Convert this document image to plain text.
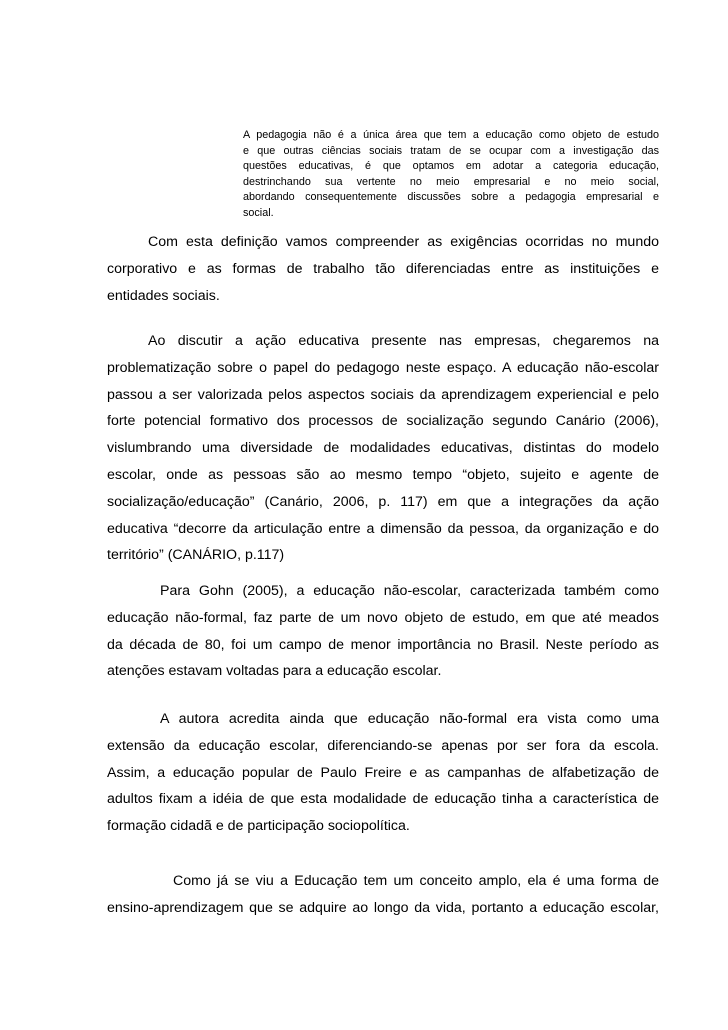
A pedagogia não é a única área que tem a educação como objeto de estudo
e que outras ciências sociais tratam de se ocupar com a investigação das
questões educativas, é que optamos em adotar a categoria educação,
destrinchando sua vertente no meio empresarial e no meio social,
abordando consequentemente discussões sobre a pedagogia empresarial e
social.
Com esta definição vamos compreender as exigências ocorridas no mundo
corporativo e as formas de trabalho tão diferenciadas entre as instituições e
entidades sociais.
Ao discutir a ação educativa presente nas empresas, chegaremos na
problematização sobre o papel do pedagogo neste espaço. A educação não-escolar
passou a ser valorizada pelos aspectos sociais da aprendizagem experiencial e pelo
forte potencial formativo dos processos de socialização segundo Canário (2006),
vislumbrando uma diversidade de modalidades educativas, distintas do modelo
escolar, onde as pessoas são ao mesmo tempo “objeto, sujeito e agente de
socialização/educação” (Canário, 2006, p. 117) em que a integrações da ação
educativa “decorre da articulação entre a dimensão da pessoa, da organização e do
território” (CANÁRIO, p.117)
Para Gohn (2005), a educação não-escolar, caracterizada também como
educação não-formal, faz parte de um novo objeto de estudo, em que até meados
da década de 80, foi um campo de menor importância no Brasil. Neste período as
atenções estavam voltadas para a educação escolar.
A autora acredita ainda que educação não-formal era vista como uma
extensão da educação escolar, diferenciando-se apenas por ser fora da escola.
Assim, a educação popular de Paulo Freire e as campanhas de alfabetização de
adultos fixam a idéia de que esta modalidade de educação tinha a característica de
formação cidadã e de participação sociopolítica.
Como já se viu a Educação tem um conceito amplo, ela é uma forma de
ensino-aprendizagem que se adquire ao longo da vida, portanto a educação escolar,
